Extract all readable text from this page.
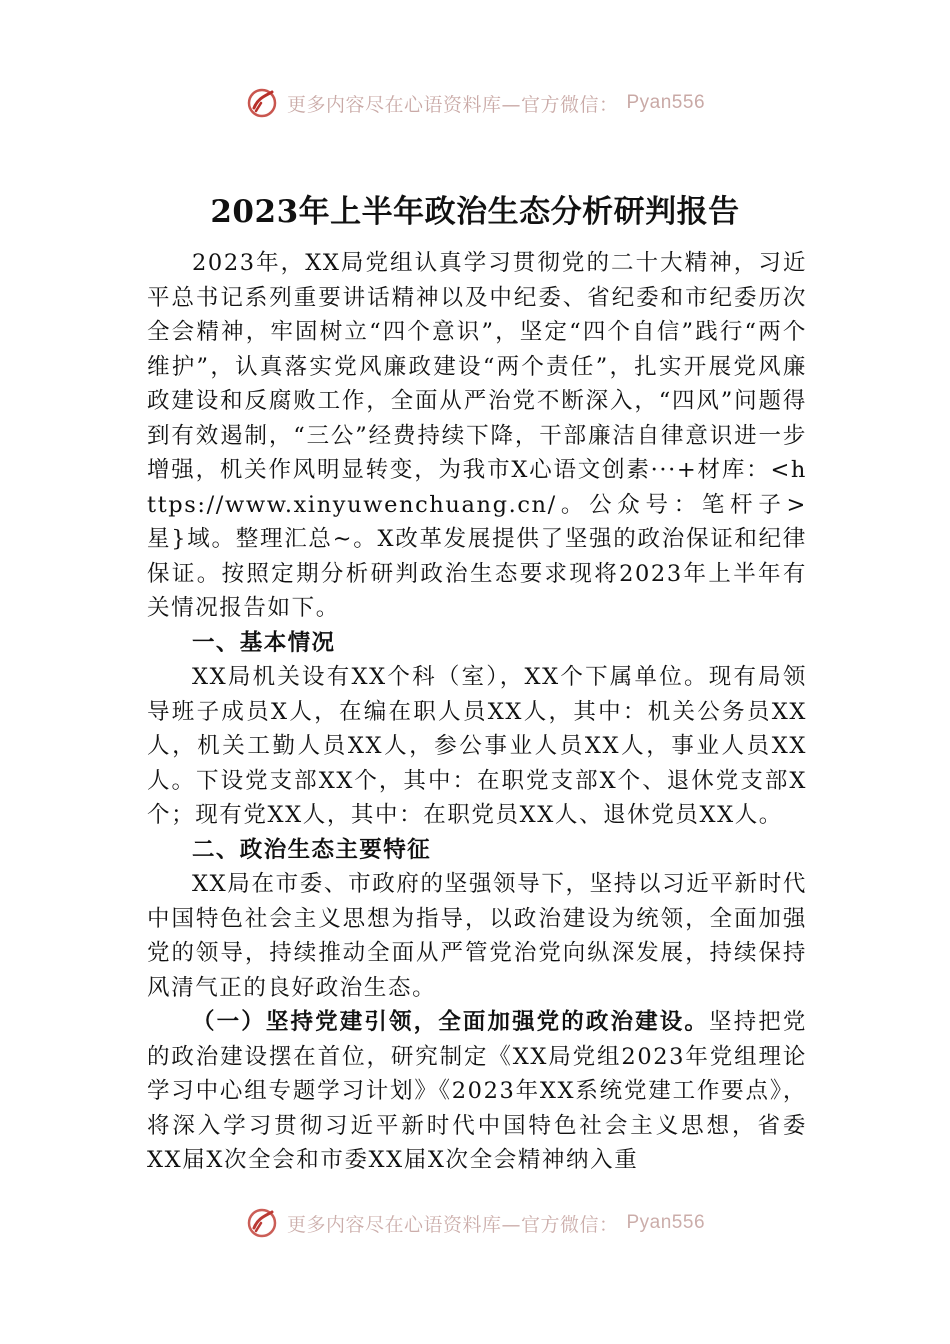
更多内容尽在心语资料库—官方微信： Pyan556
2023年上半年政治生态分析研判报告

2023年，XX局党组认真学习贯彻党的二十大精神，习近平总书记系列重要讲话精神以及中纪委、省纪委和市纪委历次全会精神，牢固树立“四个意识”，坚定“四个自信”践行“两个维护”，认真落实党风廉政建设“两个责任”，扎实开展党风廉政建设和反腐败工作，全面从严治党不断深入，“四风”问题得到有效遏制，“三公”经费持续下降，干部廉洁自律意识进一步增强，机关作风明显转变，为我市X心语文创素···+材库：<https://www.xinyuwenchuang.cn/。公众号：笔杆子>星}域。整理汇总~。X改革发展提供了坚强的政治保证和纪律保证。按照定期分析研判政治生态要求现将2023年上半年有关情况报告如下。

一、基本情况

XX局机关设有XX个科（室），XX个下属单位。现有局领导班子成员X人，在编在职人员XX人，其中：机关公务员XX人，机关工勤人员XX人，参公事业人员XX人，事业人员XX人。下设党支部XX个，其中：在职党支部X个、退休党支部X个；现有党XX人，其中：在职党员XX人、退休党员XX人。

二、政治生态主要特征

XX局在市委、市政府的坚强领导下，坚持以习近平新时代中国特色社会主义思想为指导，以政治建设为统领，全面加强党的领导，持续推动全面从严管党治党向纵深发展，持续保持风清气正的良好政治生态。

（一）坚持党建引领，全面加强党的政治建设。坚持把党的政治建设摆在首位，研究制定《XX局党组2023年党组理论学习中心组专题学习计划》《2023年XX系统党建工作要点》，将深入学习贯彻习近平新时代中国特色社会主义思想，省委XX届X次全会和市委XX届X次全会精神纳入重

更多内容尽在心语资料库—官方微信： Pyan556
